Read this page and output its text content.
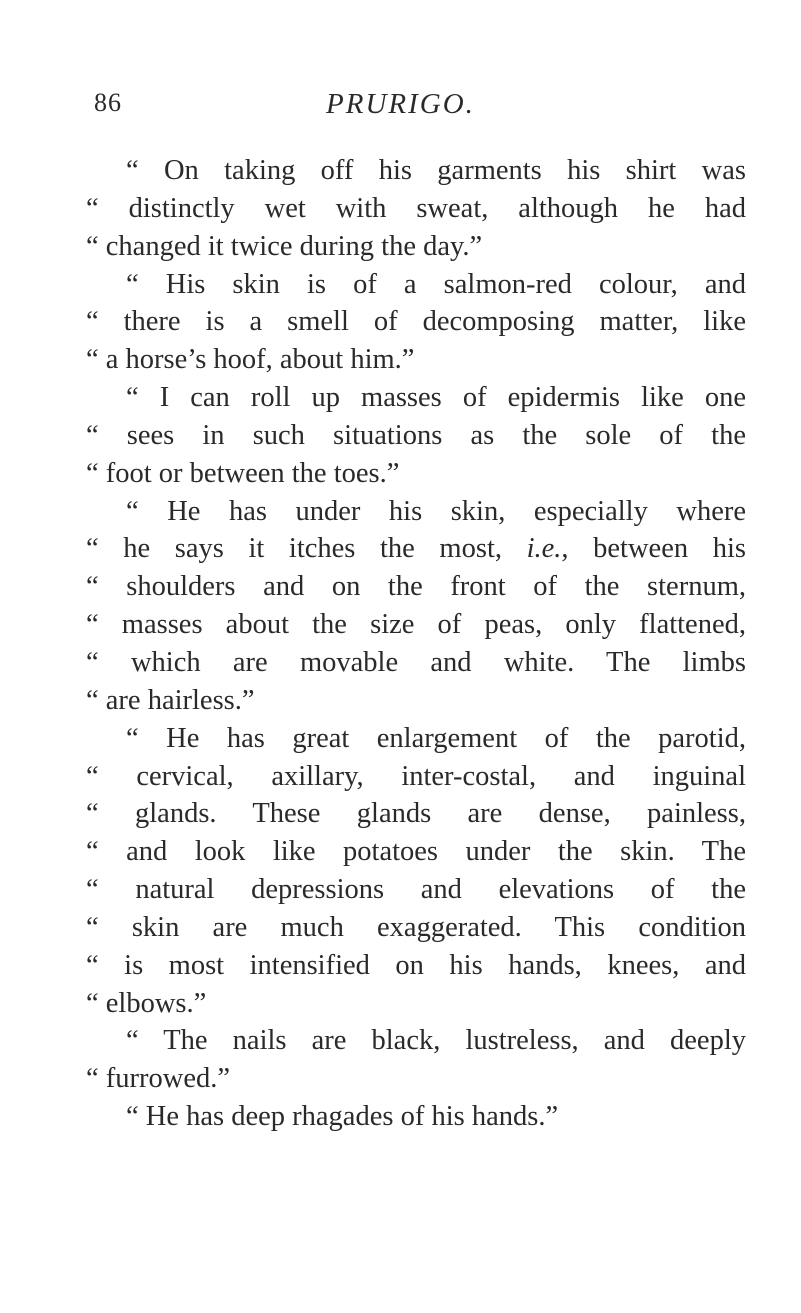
86	PRURIGO.
“ On taking off his garments his shirt was
“ distinctly wet with sweat, although he had
“ changed it twice during the day.”
“ His skin is of a salmon-red colour, and
“ there is a smell of decomposing matter, like
“ a horse’s hoof, about him.”
“ I can roll up masses of epidermis like one
“ sees in such situations as the sole of the
“ foot or between the toes.”
“ He has under his skin, especially where
“ he says it itches the most, i.e., between his
“ shoulders and on the front of the sternum,
“ masses about the size of peas, only flattened,
“ which are movable and white. The limbs
“ are hairless.”
“ He has great enlargement of the parotid,
“ cervical, axillary, inter-costal, and inguinal
“ glands. These glands are dense, painless,
“ and look like potatoes under the skin. The
“ natural depressions and elevations of the
“ skin are much exaggerated. This condition
“ is most intensified on his hands, knees, and
“ elbows.”
“ The nails are black, lustreless, and deeply
“ furrowed.”
“ He has deep rhagades of his hands.”
